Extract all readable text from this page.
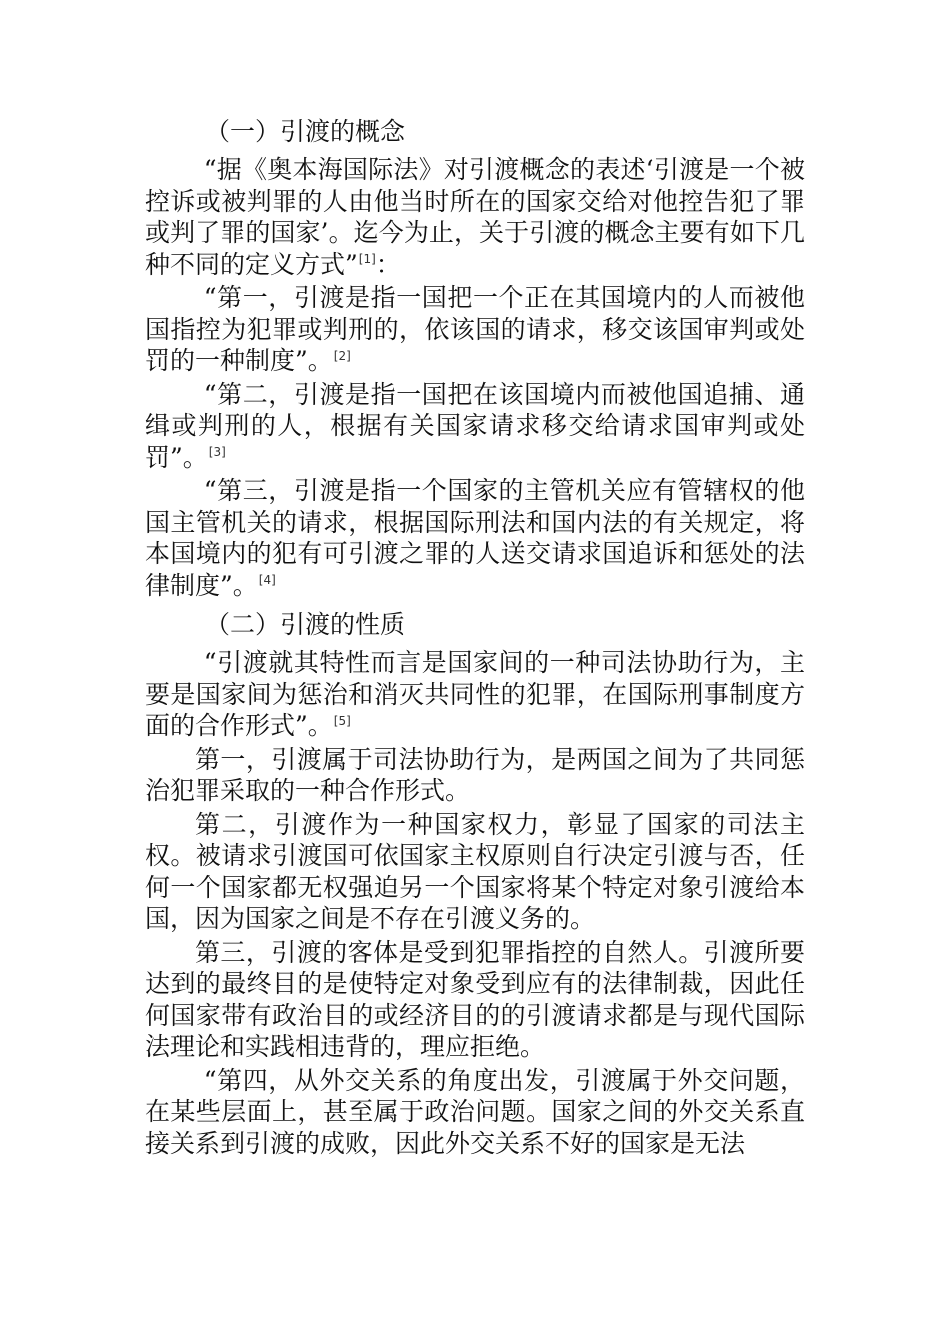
（一）引渡的概念

“据《奥本海国际法》对引渡概念的表述‘引渡是一个被控诉或被判罪的人由他当时所在的国家交给对他控告犯了罪或判了罪的国家’。迄今为止，关于引渡的概念主要有如下几种不同的定义方式”[1]：

“第一，引渡是指一国把一个正在其国境内的人而被他国指控为犯罪或判刑的，依该国的请求，移交该国审判或处罚的一种制度”。[2]

“第二，引渡是指一国把在该国境内而被他国追捕、通缉或判刑的人，根据有关国家请求移交给请求国审判或处罚”。[3]

“第三，引渡是指一个国家的主管机关应有管辖权的他国主管机关的请求，根据国际刑法和国内法的有关规定，将本国境内的犯有可引渡之罪的人送交请求国追诉和惩处的法律制度”。[4]

（二）引渡的性质

“引渡就其特性而言是国家间的一种司法协助行为，主要是国家间为惩治和消灭共同性的犯罪，在国际刑事制度方面的合作形式”。[5]

第一，引渡属于司法协助行为，是两国之间为了共同惩治犯罪采取的一种合作形式。

第二，引渡作为一种国家权力，彰显了国家的司法主权。被请求引渡国可依国家主权原则自行决定引渡与否，任何一个国家都无权强迫另一个国家将某个特定对象引渡给本国，因为国家之间是不存在引渡义务的。

第三，引渡的客体是受到犯罪指控的自然人。引渡所要达到的最终目的是使特定对象受到应有的法律制裁，因此任何国家带有政治目的或经济目的的引渡请求都是与现代国际法理论和实践相违背的，理应拒绝。

“第四，从外交关系的角度出发，引渡属于外交问题，在某些层面上，甚至属于政治问题。国家之间的外交关系直接关系到引渡的成败，因此外交关系不好的国家是无法
